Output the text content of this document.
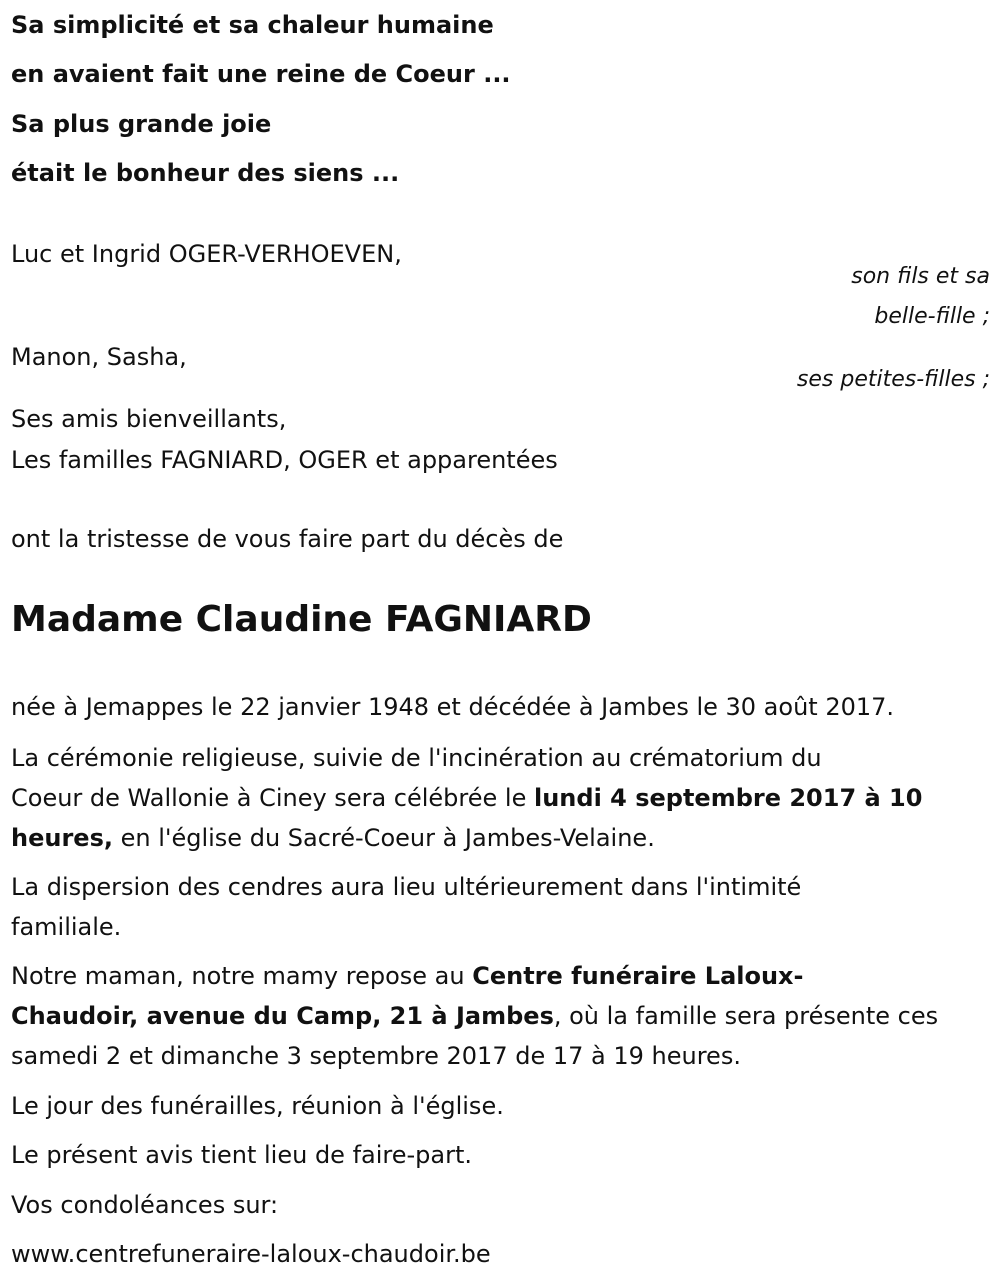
Sa simplicité et sa chaleur humaine
en avaient fait une reine de Coeur ...
Sa plus grande joie
était le bonheur des siens ...
Luc et Ingrid OGER-VERHOEVEN,
son fils et sa
belle-fille ;
Manon, Sasha,
ses petites-filles ;
Ses amis bienveillants,
Les familles FAGNIARD, OGER et apparentées
ont la tristesse de vous faire part du décès de
Madame Claudine FAGNIARD
née à Jemappes le 22 janvier 1948 et décédée à Jambes le 30 août 2017.
La cérémonie religieuse, suivie de l'incinération au crématorium du
Coeur de Wallonie à Ciney sera célébrée le lundi 4 septembre 2017 à 10
heures, en l'église du Sacré-Coeur à Jambes-Velaine.
La dispersion des cendres aura lieu ultérieurement dans l'intimité
familiale.
Notre maman, notre mamy repose au Centre funéraire Laloux-
Chaudoir, avenue du Camp, 21 à Jambes, où la famille sera présente ces
samedi 2 et dimanche 3 septembre 2017 de 17 à 19 heures.
Le jour des funérailles, réunion à l'église.
Le présent avis tient lieu de faire-part.
Vos condoléances sur:
www.centrefuneraire-laloux-chaudoir.be
